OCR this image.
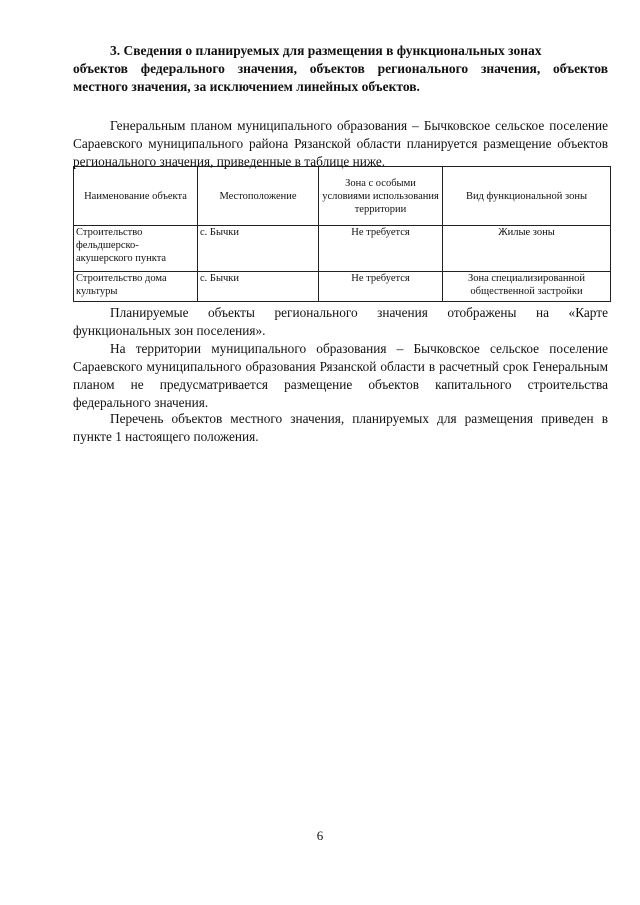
3. Сведения о планируемых для размещения в функциональных зонах
объектов федерального значения, объектов регионального значения, объектов местного значения, за исключением линейных объектов.

Генеральным планом муниципального образования – Бычковское сельское поселение Сараевского муниципального района Рязанской области планируется размещение объектов регионального значения, приведенные в таблице ниже.

Наименование объекта	Местоположение	Зона с особыми условиями использования территории	Вид функциональной зоны
Строительство фельдшерско-акушерского пункта	с. Бычки	Не требуется	Жилые зоны
Строительство дома культуры	с. Бычки	Не требуется	Зона специализированной общественной застройки

Планируемые объекты регионального значения отображены на «Карте функциональных зон поселения».

На территории муниципального образования – Бычковское сельское поселение Сараевского муниципального образования Рязанской области в расчетный срок Генеральным планом не предусматривается размещение объектов капитального строительства федерального значения.

Перечень объектов местного значения, планируемых для размещения приведен в пункте 1 настоящего положения.

6
